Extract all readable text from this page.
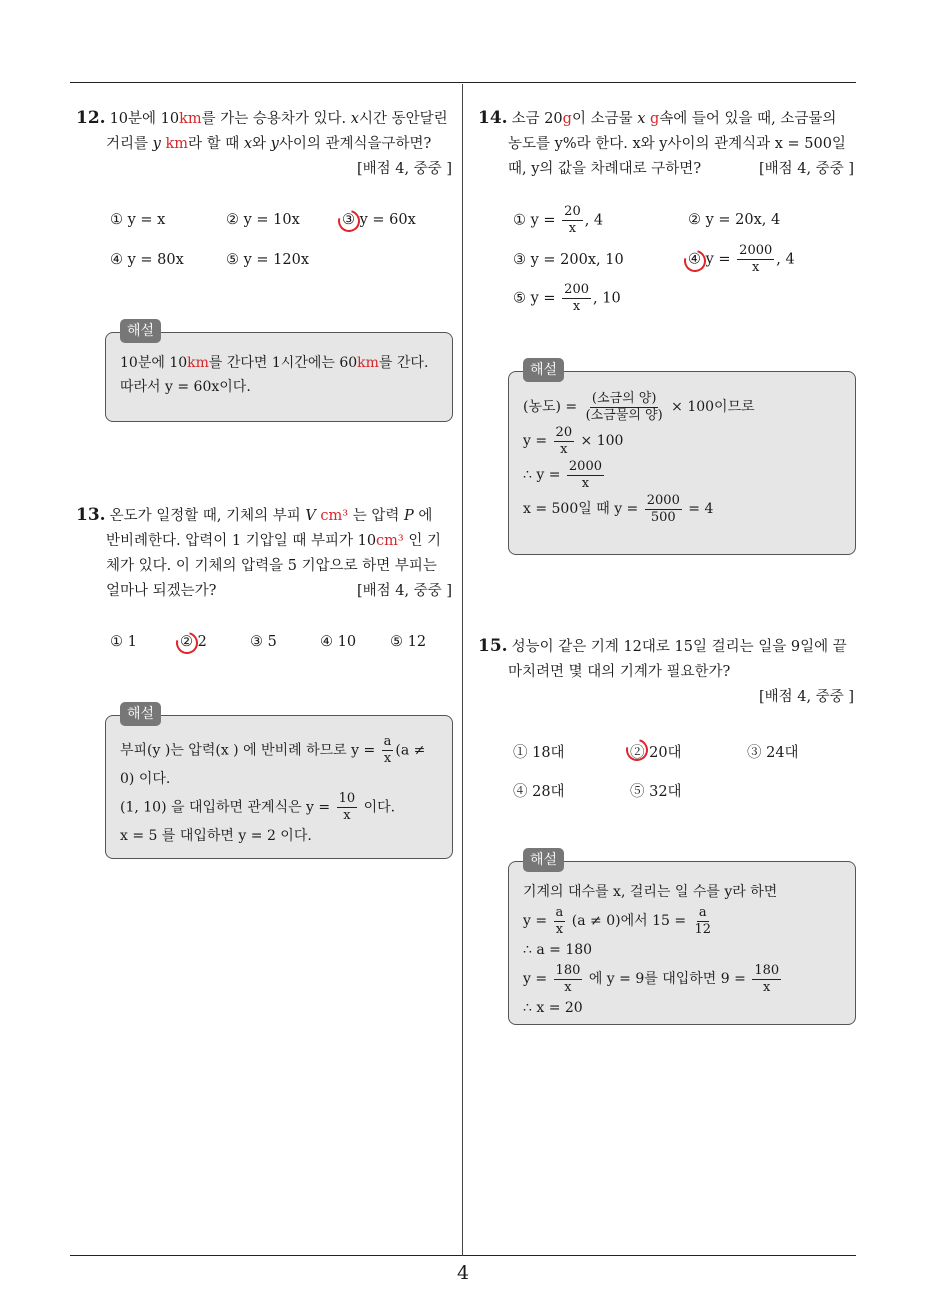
4
12. 10분에 10km를 가는 승용차가 있다. x시간 동안달린
거리를 y km라 할 때 x와 y사이의 관계식을구하면?
[배점 4, 중중 ]
① y = x	② y = 10x	③ y = 60x
④ y = 80x	⑤ y = 120x
해설
10분에 10km를 간다면 1시간에는 60km를 간다.
따라서 y = 60x이다.
13. 온도가 일정할 때, 기체의 부피 V cm³ 는 압력 P 에
반비례한다. 압력이 1 기압일 때 부피가 10cm³ 인 기
체가 있다. 이 기체의 압력을 5 기압으로 하면 부피는
얼마나 되겠는가?	[배점 4, 중중 ]
① 1	② 2	③ 5	④ 10 ⑤ 12
해설
부피(y )는 압력(x ) 에 반비례 하므로 $y = \frac{a}{x} (a$ ≠
0) 이다.
(1, 10) 을 대입하면 관계식은 $y = \frac{10}{x}$ 이다.
x = 5 를 대입하면 y = 2 이다.
14. 소금 20g이 소금물 x g속에 들어 있을 때, 소금물의
농도를 y%라 한다. x와 y사이의 관계식과 x = 500일
때, y의 값을 차례대로 구하면?	[배점 4, 중중 ]
① $y = \frac{20}{x}$ , 4	② y = 20x, 4
③ y = 200x, 10	④ $y = \frac{2000}{x}$ , 4
⑤ $y = \frac{200}{x}$ , 10
해설
(농도) = $\frac{\text{(소금의 양)}}{\text{(소금물의 양)}} \times 100$이므로
$y = \frac{20}{x} \times 100$
∴ $y = \frac{2000}{x}$
x = 500일 때 $y = \frac{2000}{500} = 4$
15. 성능이 같은 기계 12대로 15일 걸리는 일을 9일에 끝
마치려면 몇 대의 기계가 필요한가?
[배점 4, 중중 ]
① 18대	② 20대	③ 24대
④ 28대	⑤ 32대
해설
기계의 대수를 x, 걸리는 일 수를 y라 하면
$y = \frac{a}{x} (a \ne 0)$에서 $15 = \frac{a}{12}$
∴ a = 180
$y = \frac{180}{x}$ 에 y = 9를 대입하면 $9 = \frac{180}{x}$
∴ x = 20
